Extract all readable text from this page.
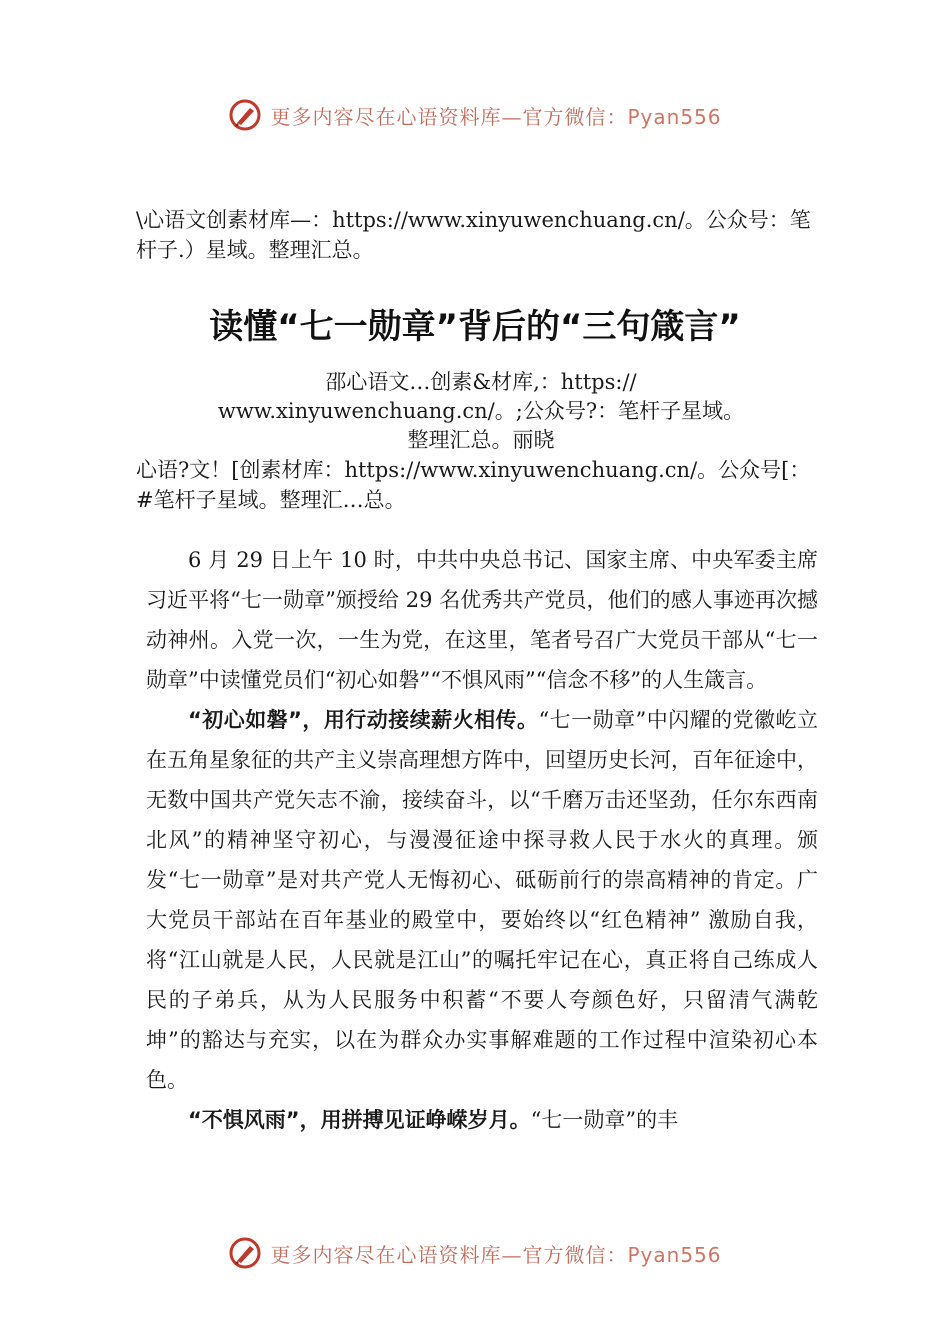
更多内容尽在心语资料库—官方微信：Pyan556
\心语文创素材库—：https://www.xinyuwenchuang.cn/。公众号：笔杆子.）星域。整理汇总。
读懂“七一勋章”背后的“三句箴言”
邵心语文…创素&材库,：https://
www.xinyuwenchuang.cn/。;公众号?：笔杆子星域。
整理汇总。丽晓
心语?文！[创素材库：https://www.xinyuwenchuang.cn/。公众号[：#笔杆子星域。整理汇…总。

6 月 29 日上午 10 时，中共中央总书记、国家主席、中央军委主席习近平将“七一勋章”颁授给 29 名优秀共产党员，他们的感人事迹再次撼动神州。入党一次，一生为党，在这里，笔者号召广大党员干部从“七一勋章”中读懂党员们“初心如磐”“不惧风雨”“信念不移”的人生箴言。

“初心如磐”，用行动接续薪火相传。“七一勋章”中闪耀的党徽屹立在五角星象征的共产主义崇高理想方阵中，回望历史长河，百年征途中，无数中国共产党矢志不渝，接续奋斗，以“千磨万击还坚劲，任尔东西南北风”的精神坚守初心，与漫漫征途中探寻救人民于水火的真理。颁发“七一勋章”是对共产党人无悔初心、砥砺前行的崇高精神的肯定。广大党员干部站在百年基业的殿堂中，要始终以“红色精神” 激励自我，将“江山就是人民，人民就是江山”的嘱托牢记在心，真正将自己练成人民的子弟兵，从为人民服务中积蓄“不要人夸颜色好，只留清气满乾坤”的豁达与充实，以在为群众办实事解难题的工作过程中渲染初心本色。

“不惧风雨”，用拼搏见证峥嵘岁月。“七一勋章”的丰

更多内容尽在心语资料库—官方微信：Pyan556
